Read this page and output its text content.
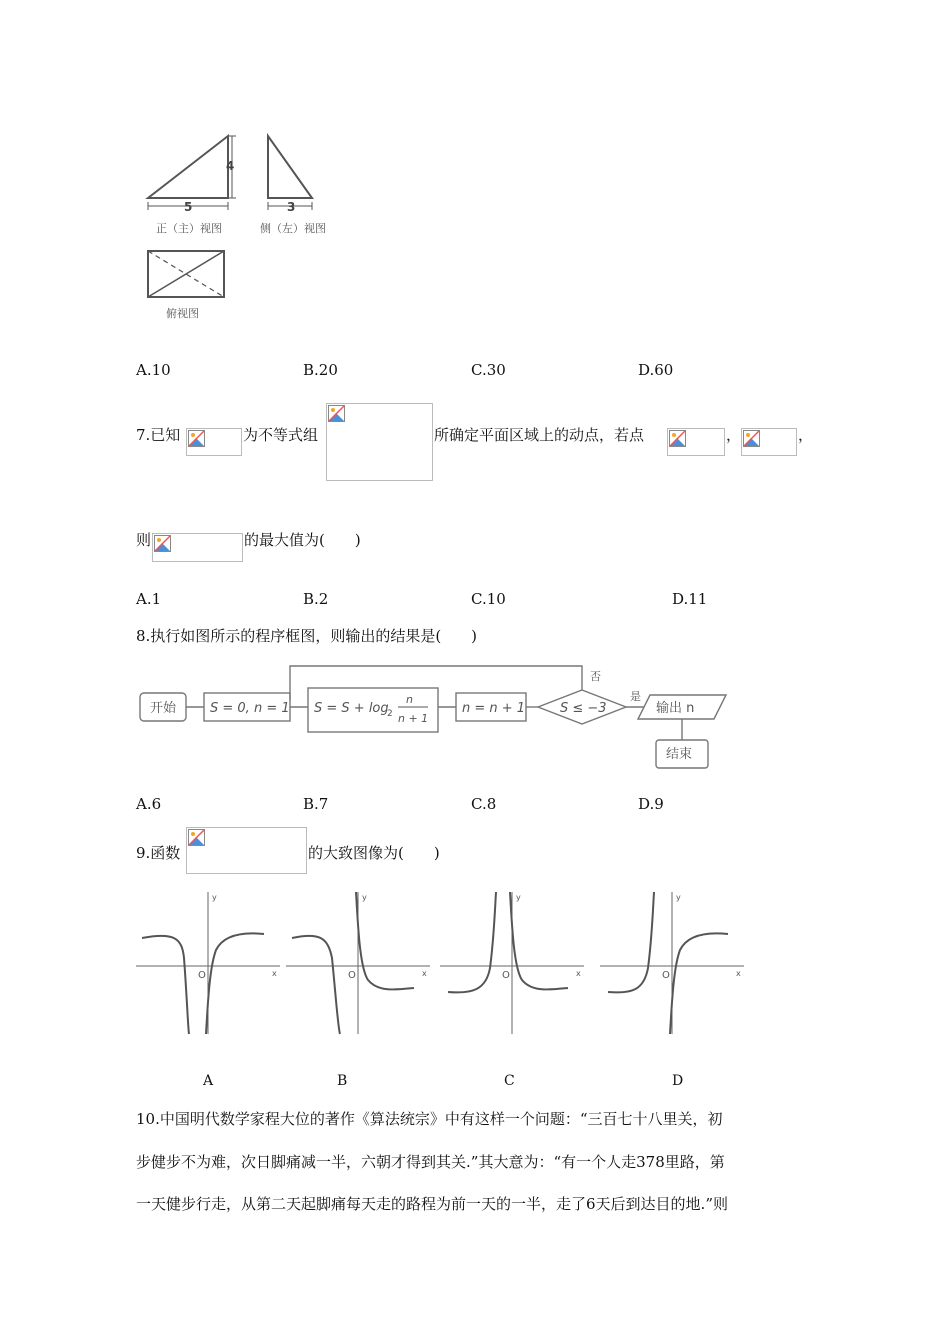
4
5	3
正（主）视图	侧（左）视图
俯视图
A.10	B.20	C.30	D.60
7.已知	为不等式组	所确定平面区域上的动点，若点	，	，
则	的最大值为(　　)
A.1	B.2	C.10	D.11
8.执行如图所示的程序框图，则输出的结果是(　　)
开始	S = 0, n = 1 S = S + log
2
n
n + 1
n = n + 1	S ≤ −3
否
是
输出 n
结束
A.6	B.7	C.8	D.9
9.函数	的大致图像为(　　)
x
y
O	x
y
O	x
y
O	x
y
O
A	B	C	D
10.中国明代数学家程大位的著作《算法统宗》中有这样一个问题：“三百七十八里关，初
步健步不为难，次日脚痛减一半，六朝才得到其关.”其大意为：“有一个人走378里路，第
一天健步行走，从第二天起脚痛每天走的路程为前一天的一半，走了6天后到达目的地.”则
